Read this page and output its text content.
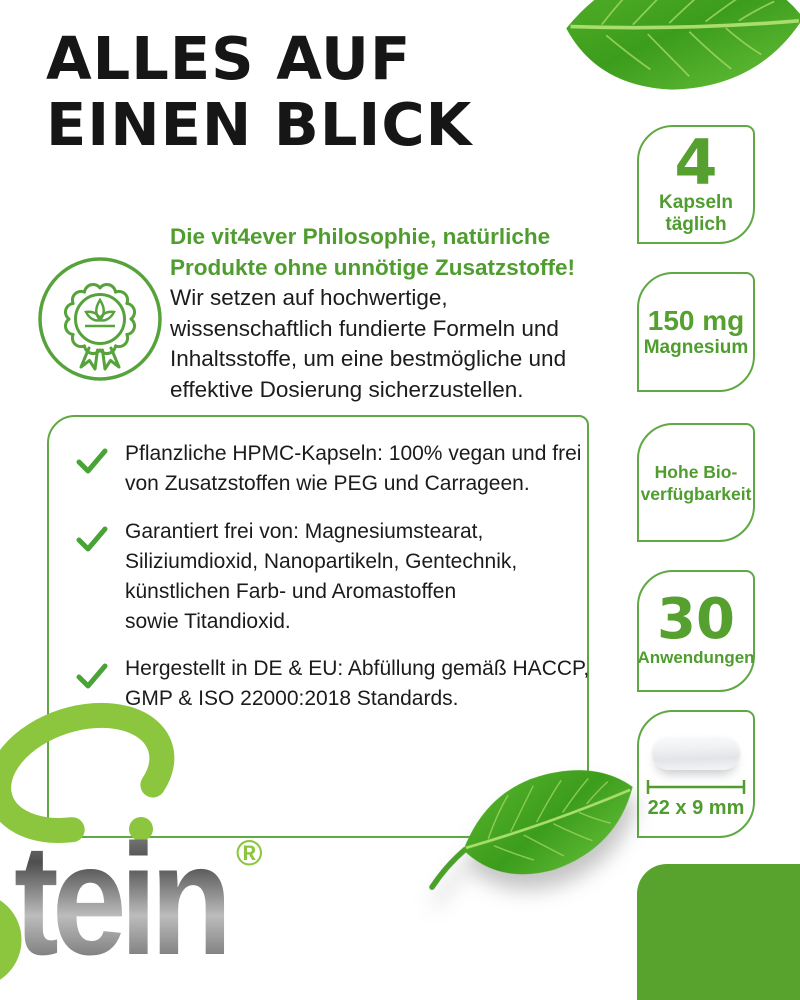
ALLES AUF
EINEN BLICK

Die vit4ever Philosophie, natürliche
Produkte ohne unnötige Zusatzstoffe!

Wir setzen auf hochwertige,
wissenschaftlich fundierte Formeln und
Inhaltsstoffe, um eine bestmögliche und
effektive Dosierung sicherzustellen.

Pflanzliche HPMC-Kapseln: 100% vegan und frei
von Zusatzstoffen wie PEG und Carrageen.

Garantiert frei von: Magnesiumstearat,
Siliziumdioxid, Nanopartikeln, Gentechnik,
künstlichen Farb- und Aromastoffen
sowie Titandioxid.

Hergestellt in DE & EU: Abfüllung gemäß HACCP,
GMP & ISO 22000:2018 Standards.

4
Kapseln
täglich
150 mg
Magnesium
Hohe Bio-
verfügbarkeit
30
Anwendungen
22 x 9 mm

tein ®
